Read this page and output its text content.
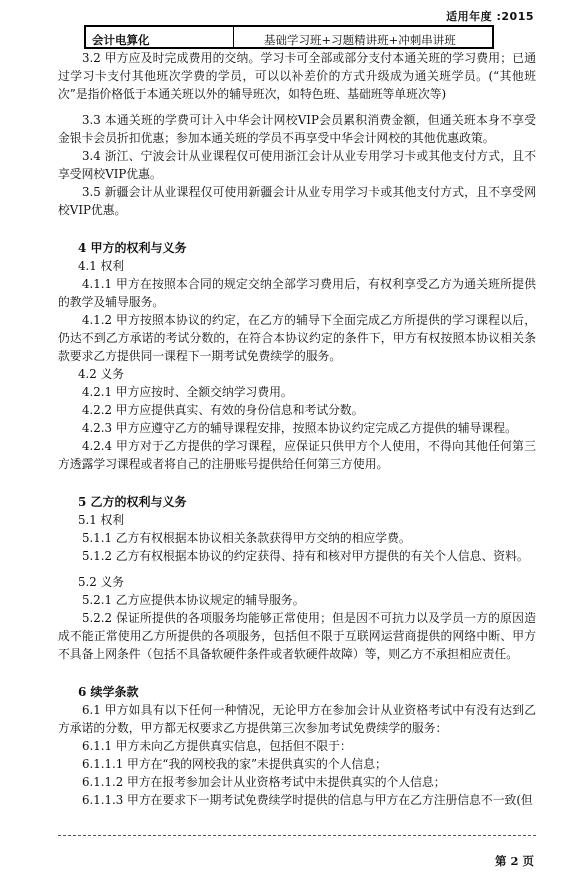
适用年度 :2015
会计电算化	基础学习班+习题精讲班+冲刺串讲班

3.2 甲方应及时完成费用的交纳。学习卡可全部或部分支付本通关班的学习费用；已通过学习卡支付其他班次学费的学员，可以以补差价的方式升级成为通关班学员。(“其他班次”是指价格低于本通关班以外的辅导班次，如特色班、基础班等单班次等)

3.3 本通关班的学费可计入中华会计网校VIP会员累积消费金额，但通关班本身不享受金银卡会员折扣优惠；参加本通关班的学员不再享受中华会计网校的其他优惠政策。

3.4 浙江、宁波会计从业课程仅可使用浙江会计从业专用学习卡或其他支付方式，且不享受网校VIP优惠。

3.5 新疆会计从业课程仅可使用新疆会计从业专用学习卡或其他支付方式，且不享受网校VIP优惠。

4 甲方的权利与义务

4.1 权利

4.1.1 甲方在按照本合同的规定交纳全部学习费用后，有权利享受乙方为通关班所提供的教学及辅导服务。

4.1.2 甲方按照本协议的约定，在乙方的辅导下全面完成乙方所提供的学习课程以后，仍达不到乙方承诺的考试分数的，在符合本协议约定的条件下，甲方有权按照本协议相关条款要求乙方提供同一课程下一期考试免费续学的服务。

4.2 义务

4.2.1 甲方应按时、全额交纳学习费用。

4.2.2 甲方应提供真实、有效的身份信息和考试分数。

4.2.3 甲方应遵守乙方的辅导课程安排，按照本协议约定完成乙方提供的辅导课程。

4.2.4 甲方对于乙方提供的学习课程，应保证只供甲方个人使用，不得向其他任何第三方透露学习课程或者将自己的注册账号提供给任何第三方使用。

5 乙方的权利与义务

5.1 权利

5.1.1 乙方有权根据本协议相关条款获得甲方交纳的相应学费。

5.1.2 乙方有权根据本协议的约定获得、持有和核对甲方提供的有关个人信息、资料。

5.2 义务

5.2.1 乙方应提供本协议规定的辅导服务。

5.2.2 保证所提供的各项服务均能够正常使用；但是因不可抗力以及学员一方的原因造成不能正常使用乙方所提供的各项服务，包括但不限于互联网运营商提供的网络中断、甲方不具备上网条件（包括不具备软硬件条件或者软硬件故障）等，则乙方不承担相应责任。

6 续学条款

6.1 甲方如具有以下任何一种情况，无论甲方在参加会计从业资格考试中有没有达到乙方承诺的分数，甲方都无权要求乙方提供第三次参加考试免费续学的服务：

6.1.1 甲方未向乙方提供真实信息，包括但不限于：

6.1.1.1 甲方在“我的网校我的家”未提供真实的个人信息；

6.1.1.2 甲方在报考参加会计从业资格考试中未提供真实的个人信息；

6.1.1.3 甲方在要求下一期考试免费续学时提供的信息与甲方在乙方注册信息不一致(但

第 2 页
